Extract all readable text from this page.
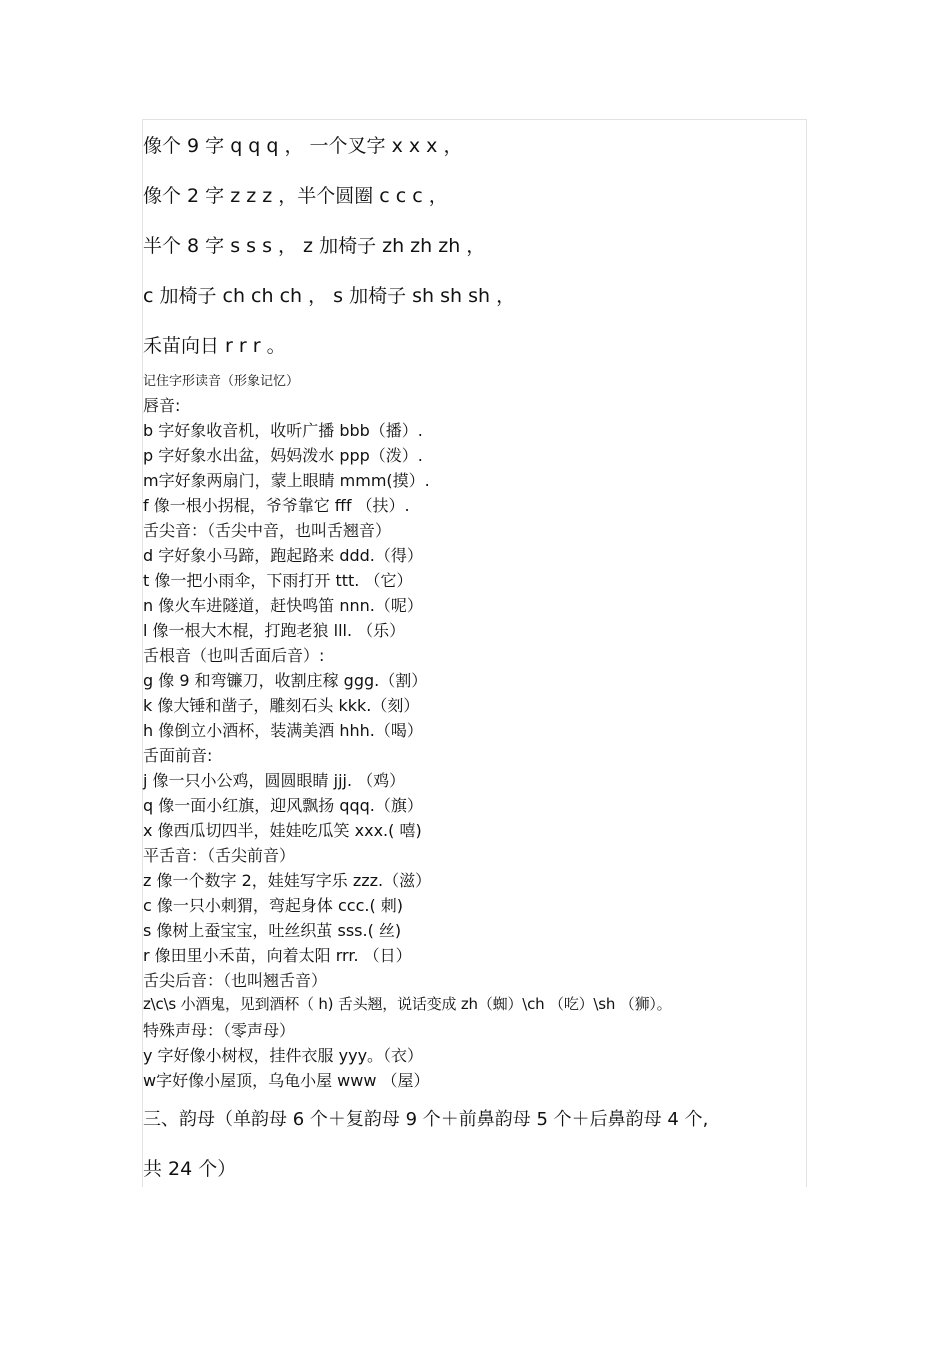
像个 9 字 q q q ， 一个叉字 x x x ，
像个 2 字 z z z ，半个圆圈 c c c ，
半个 8 字 s s s ， z 加椅子 zh zh zh ，
c 加椅子 ch ch ch ， s 加椅子 sh sh sh ，
禾苗向日 r r r 。
记住字形读音（形象记忆）
唇音:
b 字好象收音机，收听广播 bbb（播）.
p 字好象水出盆，妈妈泼水 ppp（泼）.
m字好象两扇门，蒙上眼睛 mmm(摸）.
f 像一根小拐棍，爷爷靠它 fff （扶）.
舌尖音：（舌尖中音，也叫舌翘音）
d 字好象小马蹄，跑起路来 ddd.（得）
t 像一把小雨伞，下雨打开 ttt. （它）
n 像火车进隧道，赶快鸣笛 nnn.（呢）
l 像一根大木棍，打跑老狼 lll. （乐）
舌根音（也叫舌面后音）:
g 像 9 和弯镰刀，收割庄稼 ggg.（割）
k 像大锤和凿子，雕刻石头 kkk.（刻）
h 像倒立小酒杯，装满美酒 hhh.（喝）
舌面前音:
j 像一只小公鸡，圆圆眼睛 jjj. （鸡）
q 像一面小红旗，迎风飘扬 qqq.（旗）
x 像西瓜切四半，娃娃吃瓜笑 xxx.( 嘻)
平舌音：（舌尖前音）
z 像一个数字 2，娃娃写字乐 zzz.（滋）
c 像一只小刺猬，弯起身体 ccc.( 刺)
s 像树上蚕宝宝，吐丝织茧 sss.( 丝)
r 像田里小禾苗，向着太阳 rrr. （日）
舌尖后音：（也叫翘舌音）
z\c\s 小酒鬼，见到酒杯（ h) 舌头翘，说话变成 zh（蜘）\ch （吃）\sh （狮）。
特殊声母：（零声母）
y 字好像小树杈，挂件衣服 yyy。（衣）
w字好像小屋顶，乌龟小屋 www （屋）
三、韵母（单韵母 6 个＋复韵母 9 个＋前鼻韵母 5 个＋后鼻韵母 4 个,
共 24 个）
